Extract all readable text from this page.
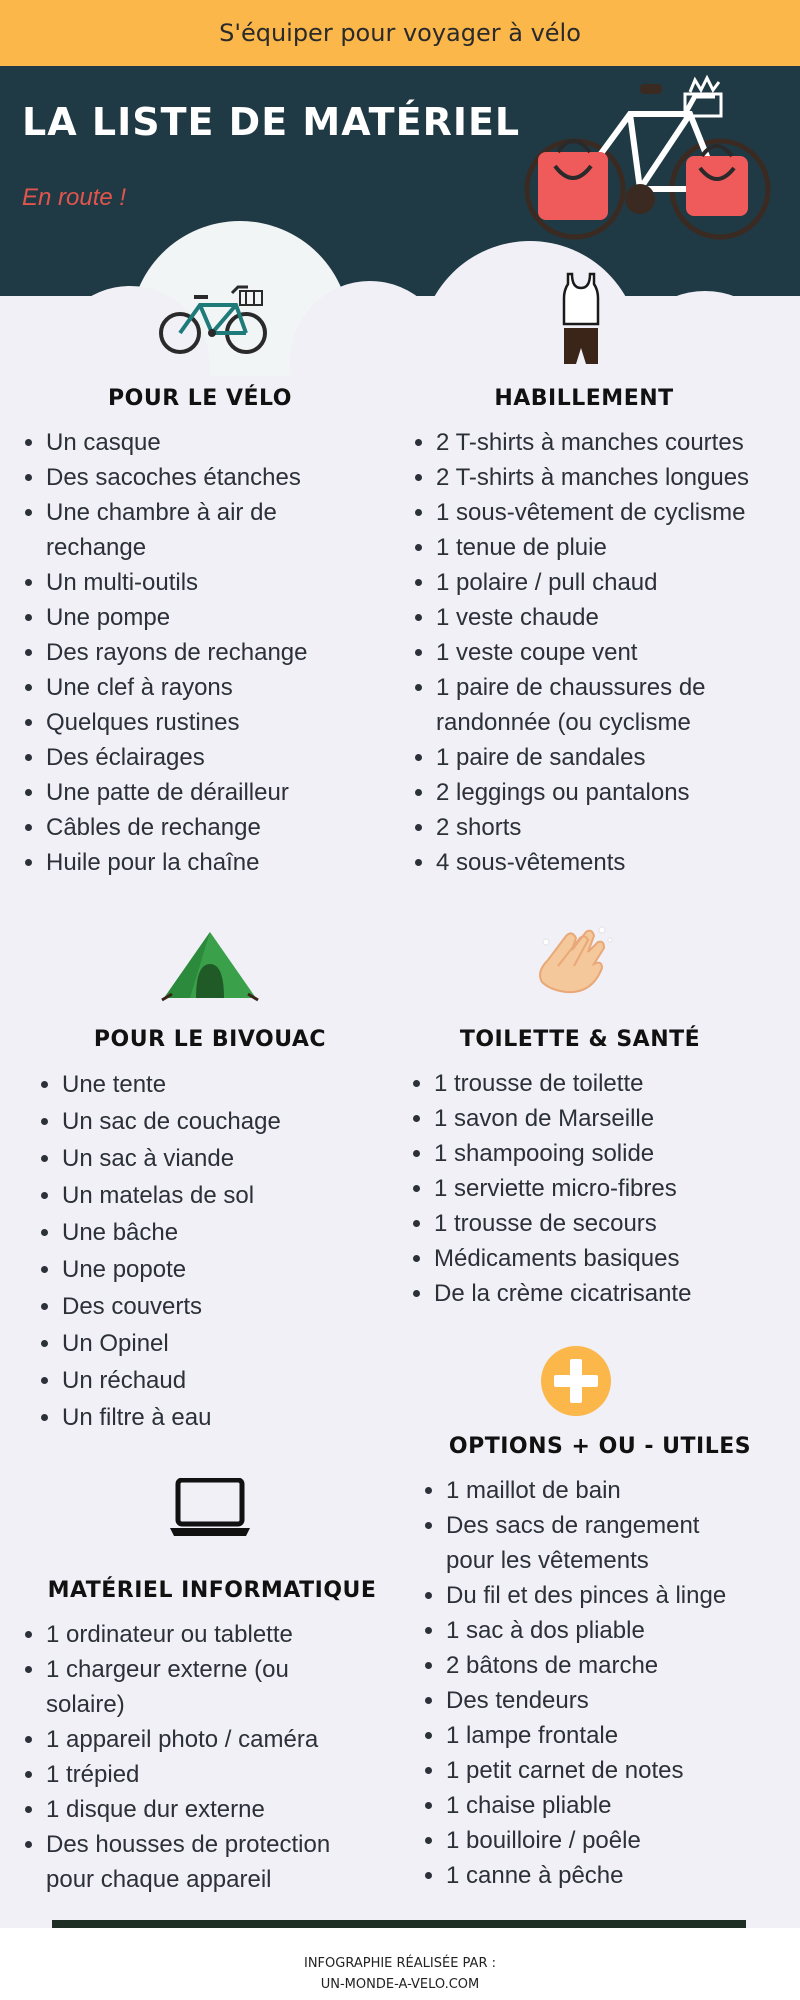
S'équiper pour voyager à vélo
LA LISTE DE MATÉRIEL
En route !
POUR LE VÉLO
• Un casque
• Des sacoches étanches
• Une chambre à air de rechange
• Un multi-outils
• Une pompe
• Des rayons de rechange
• Une clef à rayons
• Quelques rustines
• Des éclairages
• Une patte de dérailleur
• Câbles de rechange
• Huile pour la chaîne
HABILLEMENT
• 2 T-shirts à manches courtes
• 2 T-shirts à manches longues
• 1 sous-vêtement de cyclisme
• 1 tenue de pluie
• 1 polaire / pull chaud
• 1 veste chaude
• 1 veste coupe vent
• 1 paire de chaussures de randonnée (ou cyclisme
• 1 paire de sandales
• 2 leggings ou pantalons
• 2 shorts
• 4 sous-vêtements
POUR LE BIVOUAC
• Une tente
• Un sac de couchage
• Un sac à viande
• Un matelas de sol
• Une bâche
• Une popote
• Des couverts
• Un Opinel
• Un réchaud
• Un filtre à eau
TOILETTE & SANTÉ
• 1 trousse de toilette
• 1 savon de Marseille
• 1 shampooing solide
• 1 serviette micro-fibres
• 1 trousse de secours
• Médicaments basiques
• De la crème cicatrisante
OPTIONS + OU - UTILES
• 1 maillot de bain
• Des sacs de rangement pour les vêtements
• Du fil et des pinces à linge
• 1 sac à dos pliable
• 2 bâtons de marche
• Des tendeurs
• 1 lampe frontale
• 1 petit carnet de notes
• 1 chaise pliable
• 1 bouilloire / poêle
• 1 canne à pêche
MATÉRIEL INFORMATIQUE
• 1 ordinateur ou tablette
• 1 chargeur externe (ou solaire)
• 1 appareil photo / caméra
• 1 trépied
• 1 disque dur externe
• Des housses de protection pour chaque appareil
INFOGRAPHIE RÉALISÉE PAR :
UN-MONDE-A-VELO.COM
